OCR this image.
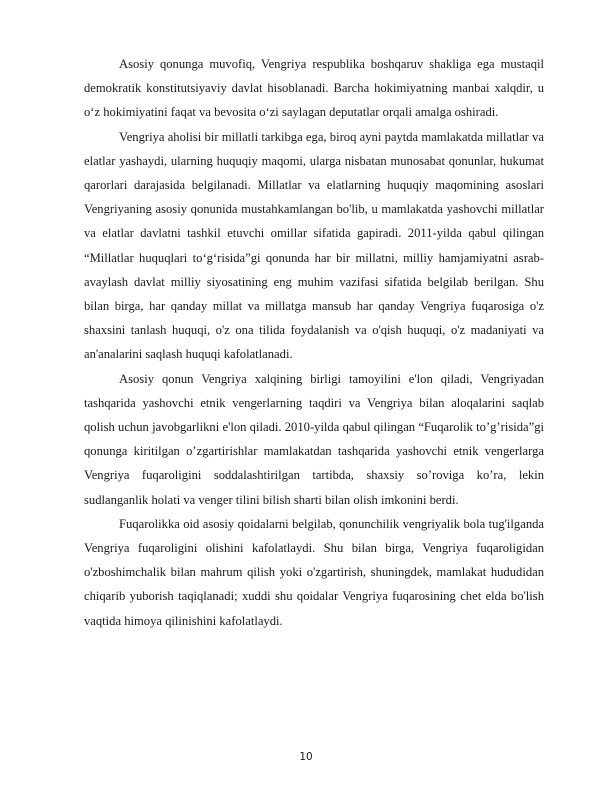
Asosiy qonunga muvofiq, Vengriya respublika boshqaruv shakliga ega mustaqil demokratik konstitutsiyaviy davlat hisoblanadi. Barcha hokimiyatning manbai xalqdir, u o‘z hokimiyatini faqat va bevosita o‘zi saylagan deputatlar orqali amalga oshiradi.

Vengriya aholisi bir millatli tarkibga ega, biroq ayni paytda mamlakatda millatlar va elatlar yashaydi, ularning huquqiy maqomi, ularga nisbatan munosabat qonunlar, hukumat qarorlari darajasida belgilanadi. Millatlar va elatlarning huquqiy maqomining asoslari Vengriyaning asosiy qonunida mustahkamlangan bo'lib, u mamlakatda yashovchi millatlar va elatlar davlatni tashkil etuvchi omillar sifatida gapiradi. 2011-yilda qabul qilingan “Millatlar huquqlari to‘g‘risida”gi qonunda har bir millatni, milliy hamjamiyatni asrab-avaylash davlat milliy siyosatining eng muhim vazifasi sifatida belgilab berilgan. Shu bilan birga, har qanday millat va millatga mansub har qanday Vengriya fuqarosiga o'z shaxsini tanlash huquqi, o'z ona tilida foydalanish va o'qish huquqi, o'z madaniyati va an'analarini saqlash huquqi kafolatlanadi.

Asosiy qonun Vengriya xalqining birligi tamoyilini e'lon qiladi, Vengriyadan tashqarida yashovchi etnik vengerlarning taqdiri va Vengriya bilan aloqalarini saqlab qolish uchun javobgarlikni e'lon qiladi. 2010-yilda qabul qilingan “Fuqarolik to’g’risida”gi qonunga kiritilgan o’zgartirishlar mamlakatdan tashqarida yashovchi etnik vengerlarga Vengriya fuqaroligini soddalashtirilgan tartibda, shaxsiy so’roviga ko’ra, lekin sudlanganlik holati va venger tilini bilish sharti bilan olish imkonini berdi.

Fuqarolikka oid asosiy qoidalarni belgilab, qonunchilik vengriyalik bola tug'ilganda Vengriya fuqaroligini olishini kafolatlaydi. Shu bilan birga, Vengriya fuqaroligidan o'zboshimchalik bilan mahrum qilish yoki o'zgartirish, shuningdek, mamlakat hududidan chiqarib yuborish taqiqlanadi; xuddi shu qoidalar Vengriya fuqarosining chet elda bo'lish vaqtida himoya qilinishini kafolatlaydi.

10
